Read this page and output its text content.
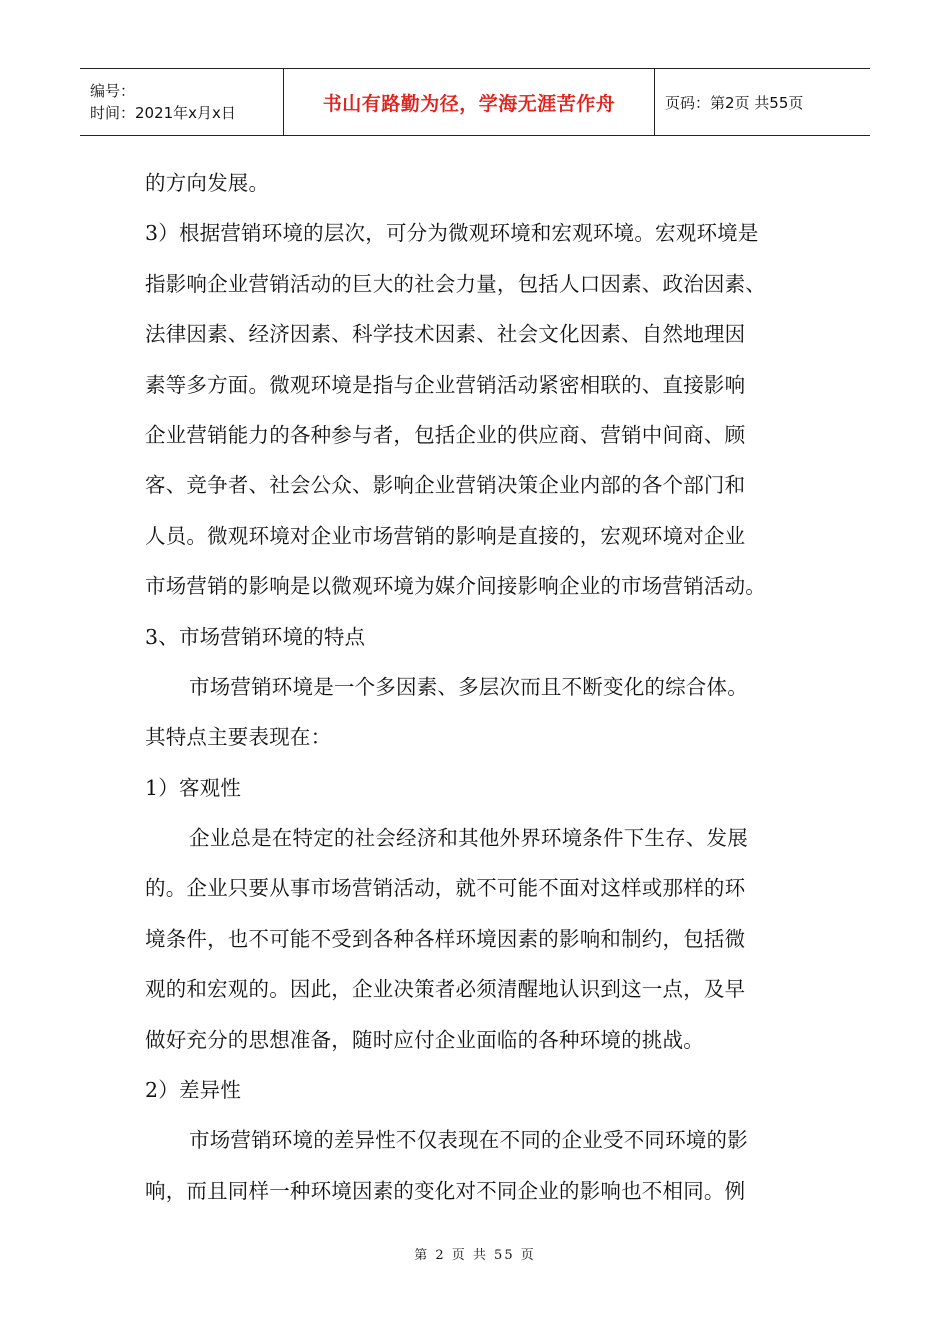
编号：
时间：2021年x月x日	书山有路勤为径，学海无涯苦作舟	页码：第2页 共55页
的方向发展。
3）根据营销环境的层次，可分为微观环境和宏观环境。宏观环境是
指影响企业营销活动的巨大的社会力量，包括人口因素、政治因素、
法律因素、经济因素、科学技术因素、社会文化因素、自然地理因
素等多方面。微观环境是指与企业营销活动紧密相联的、直接影响
企业营销能力的各种参与者，包括企业的供应商、营销中间商、顾
客、竞争者、社会公众、影响企业营销决策企业内部的各个部门和
人员。微观环境对企业市场营销的影响是直接的，宏观环境对企业
市场营销的影响是以微观环境为媒介间接影响企业的市场营销活动。
3、市场营销环境的特点
市场营销环境是一个多因素、多层次而且不断变化的综合体。
其特点主要表现在：
1）客观性
企业总是在特定的社会经济和其他外界环境条件下生存、发展
的。企业只要从事市场营销活动，就不可能不面对这样或那样的环
境条件，也不可能不受到各种各样环境因素的影响和制约，包括微
观的和宏观的。因此，企业决策者必须清醒地认识到这一点，及早
做好充分的思想准备，随时应付企业面临的各种环境的挑战。
2）差异性
市场营销环境的差异性不仅表现在不同的企业受不同环境的影
响，而且同样一种环境因素的变化对不同企业的影响也不相同。例
第 2 页 共 55 页
